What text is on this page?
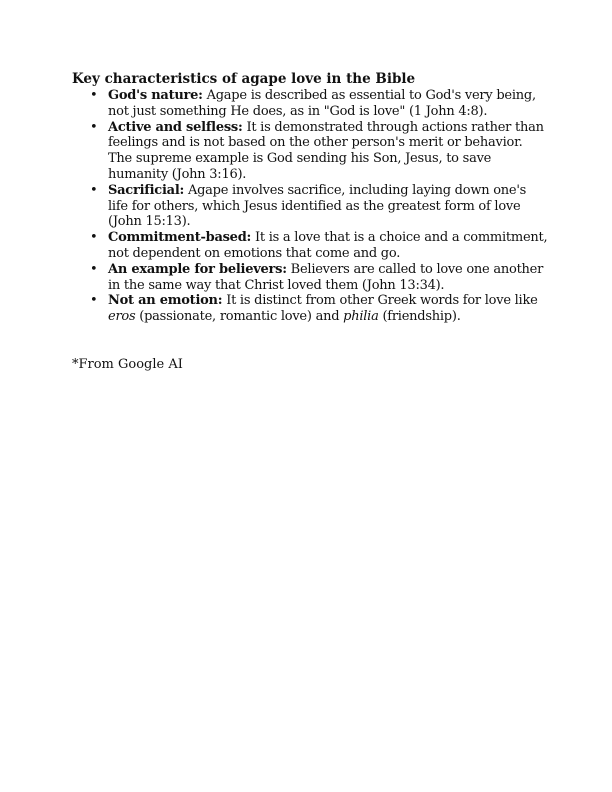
Key characteristics of agape love in the Bible
• God's nature: Agape is described as essential to God's very being, not just something He does, as in "God is love" (1 John 4:8).
• Active and selfless: It is demonstrated through actions rather than feelings and is not based on the other person's merit or behavior. The supreme example is God sending his Son, Jesus, to save humanity (John 3:16).
• Sacrificial: Agape involves sacrifice, including laying down one's life for others, which Jesus identified as the greatest form of love (John 15:13).
• Commitment-based: It is a love that is a choice and a commitment, not dependent on emotions that come and go.
• An example for believers: Believers are called to love one another in the same way that Christ loved them (John 13:34).
• Not an emotion: It is distinct from other Greek words for love like eros (passionate, romantic love) and philia (friendship).
*From Google AI
